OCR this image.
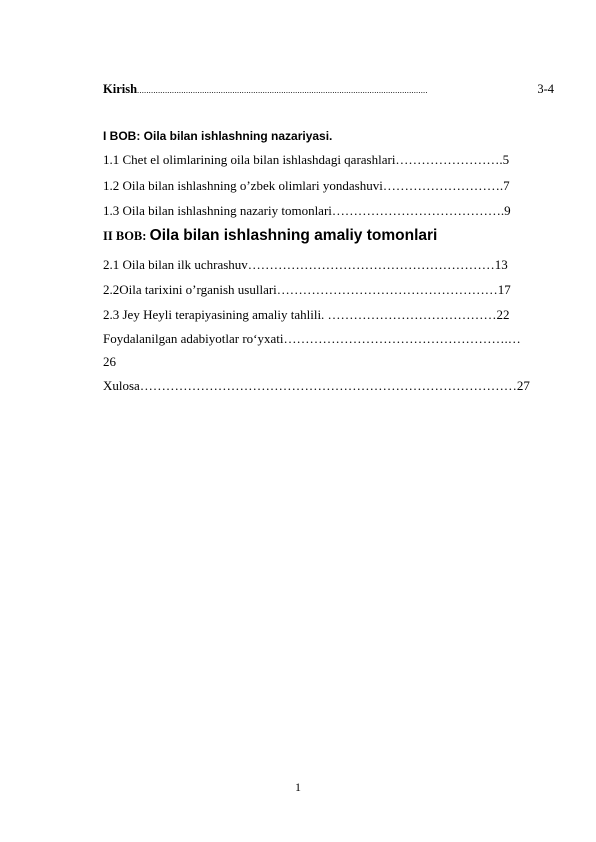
Kirish.............................................................................................................................	3-4
I BOB: Oila bilan ishlashning nazariyasi.
1.1 Chet el olimlarining oila bilan ishlashdagi qarashlari…………………….5
1.2 Oila bilan ishlashning o’zbek olimlari yondashuvi……………………….7
1.3 Oila bilan ishlashning nazariy tomonlari………………………………….9
II BOB: Oila bilan ishlashning amaliy tomonlari
2.1 Oila bilan ilk uchrashuv…………………………………………………13
2.2Oila tarixini o’rganish usullari……………………………………………17
2.3 Jey Heyli terapiyasining amaliy tahlili. …………………………………22
Foydalanilgan adabiyotlar ro‘yxati…………………………………………….…
26
Xulosa……………………………………………………………………………27
1
